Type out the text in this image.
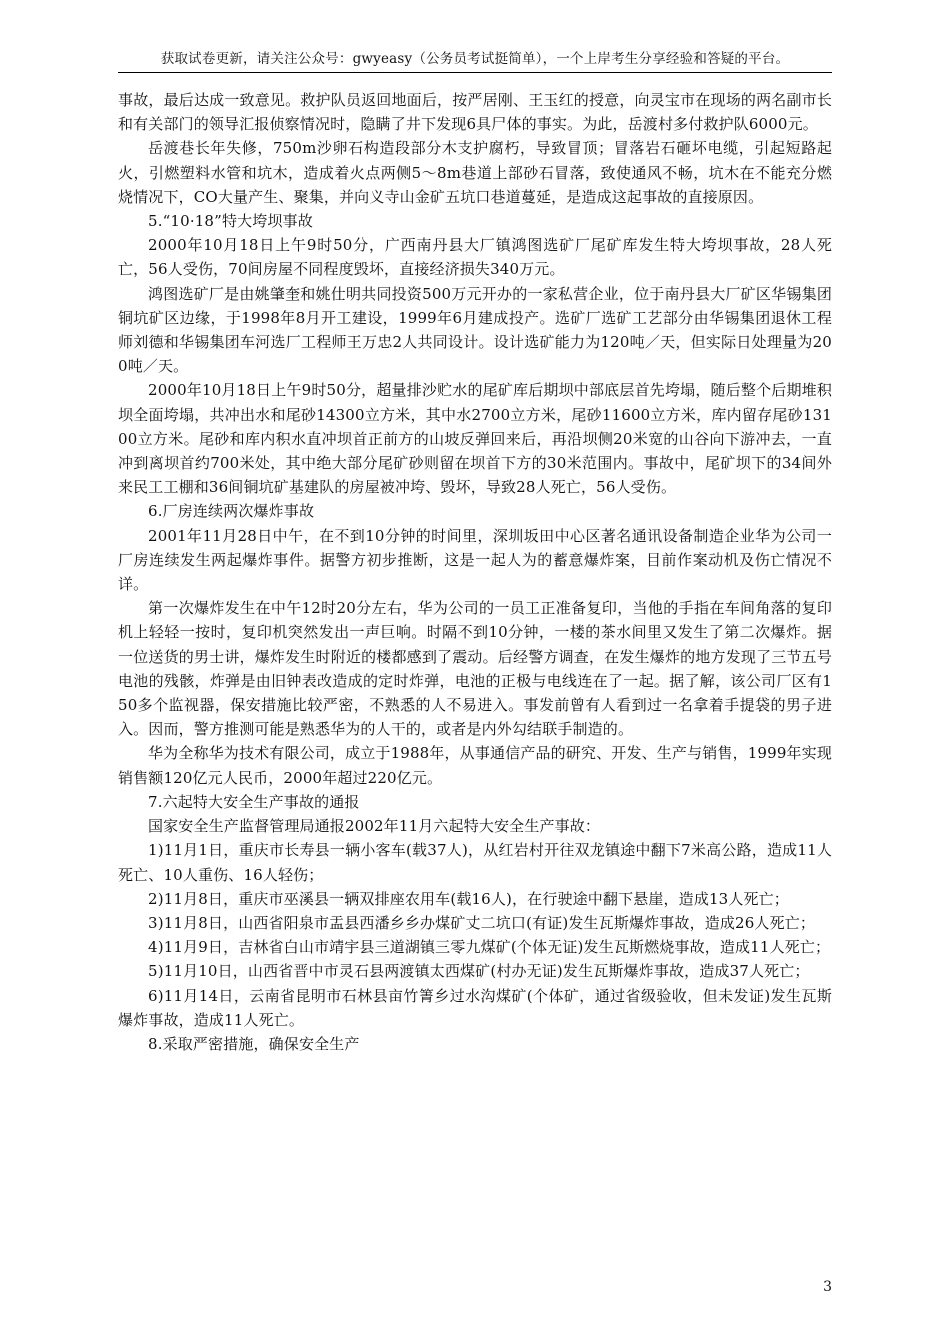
获取试卷更新，请关注公众号：gwyeasy（公务员考试挺简单），一个上岸考生分享经验和答疑的平台。

事故，最后达成一致意见。救护队员返回地面后，按严居刚、王玉红的授意，向灵宝市在现场的两名副市长和有关部门的领导汇报侦察情况时，隐瞒了井下发现6具尸体的事实。为此，岳渡村多付救护队6000元。

岳渡巷长年失修，750m沙卵石构造段部分木支护腐朽，导致冒顶；冒落岩石砸坏电缆，引起短路起火，引燃塑料水管和坑木，造成着火点两侧5～8m巷道上部砂石冒落，致使通风不畅，坑木在不能充分燃烧情况下，CO大量产生、聚集，并向义寺山金矿五坑口巷道蔓延，是造成这起事故的直接原因。

5.“10·18”特大垮坝事故

2000年10月18日上午9时50分，广西南丹县大厂镇鸿图选矿厂尾矿库发生特大垮坝事故，28人死亡，56人受伤，70间房屋不同程度毁坏，直接经济损失340万元。

鸿图选矿厂是由姚肇奎和姚仕明共同投资500万元开办的一家私营企业，位于南丹县大厂矿区华锡集团铜坑矿区边缘，于1998年8月开工建设，1999年6月建成投产。选矿厂选矿工艺部分由华锡集团退休工程师刘德和华锡集团车河选厂工程师王万忠2人共同设计。设计选矿能力为120吨／天，但实际日处理量为200吨／天。

2000年10月18日上午9时50分，超量排沙贮水的尾矿库后期坝中部底层首先垮塌，随后整个后期堆积坝全面垮塌，共冲出水和尾砂14300立方米，其中水2700立方米，尾砂11600立方米，库内留存尾砂13100立方米。尾砂和库内积水直冲坝首正前方的山坡反弹回来后，再沿坝侧20米宽的山谷向下游冲去，一直冲到离坝首约700米处，其中绝大部分尾矿砂则留在坝首下方的30米范围内。事故中，尾矿坝下的34间外来民工工棚和36间铜坑矿基建队的房屋被冲垮、毁坏，导致28人死亡，56人受伤。

6.厂房连续两次爆炸事故

2001年11月28日中午，在不到10分钟的时间里，深圳坂田中心区著名通讯设备制造企业华为公司一厂房连续发生两起爆炸事件。据警方初步推断，这是一起人为的蓄意爆炸案，目前作案动机及伤亡情况不详。

第一次爆炸发生在中午12时20分左右，华为公司的一员工正准备复印，当他的手指在车间角落的复印机上轻轻一按时，复印机突然发出一声巨响。时隔不到10分钟，一楼的茶水间里又发生了第二次爆炸。据一位送货的男士讲，爆炸发生时附近的楼都感到了震动。后经警方调查，在发生爆炸的地方发现了三节五号电池的残骸，炸弹是由旧钟表改造成的定时炸弹，电池的正极与电线连在了一起。据了解，该公司厂区有150多个监视器，保安措施比较严密，不熟悉的人不易进入。事发前曾有人看到过一名拿着手提袋的男子进入。因而，警方推测可能是熟悉华为的人干的，或者是内外勾结联手制造的。

华为全称华为技术有限公司，成立于1988年，从事通信产品的研究、开发、生产与销售，1999年实现销售额120亿元人民币，2000年超过220亿元。

7.六起特大安全生产事故的通报

国家安全生产监督管理局通报2002年11月六起特大安全生产事故：

1)11月1日，重庆市长寿县一辆小客车(载37人)，从红岩村开往双龙镇途中翻下7米高公路，造成11人死亡、10人重伤、16人轻伤；

2)11月8日，重庆市巫溪县一辆双排座农用车(载16人)，在行驶途中翻下悬崖，造成13人死亡；

3)11月8日，山西省阳泉市盂县西潘乡乡办煤矿丈二坑口(有证)发生瓦斯爆炸事故，造成26人死亡；

4)11月9日，吉林省白山市靖宇县三道湖镇三零九煤矿(个体无证)发生瓦斯燃烧事故，造成11人死亡；

5)11月10日，山西省晋中市灵石县两渡镇太西煤矿(村办无证)发生瓦斯爆炸事故，造成37人死亡；

6)11月14日，云南省昆明市石林县亩竹箐乡过水沟煤矿(个体矿，通过省级验收，但未发证)发生瓦斯爆炸事故，造成11人死亡。

8.采取严密措施，确保安全生产

3
